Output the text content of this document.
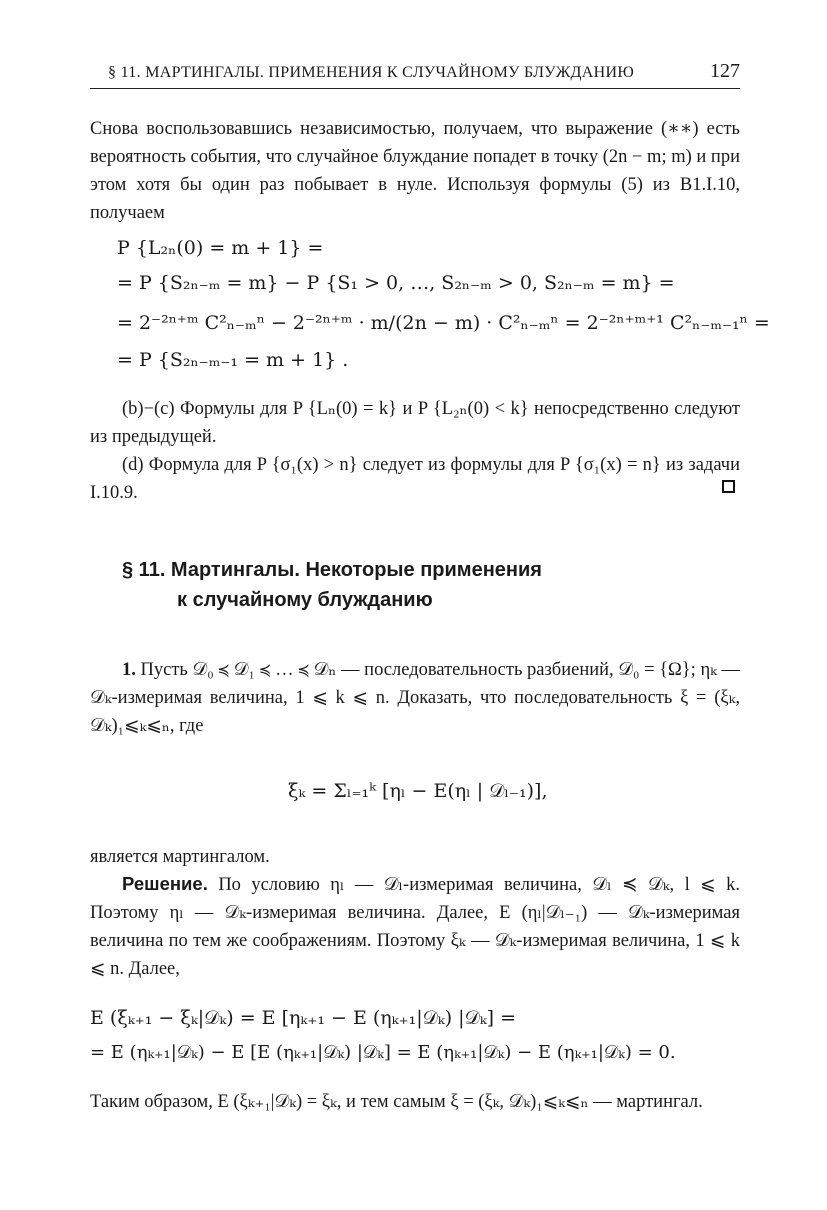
§ 11. МАРТИНГАЛЫ. ПРИМЕНЕНИЯ К СЛУЧАЙНОМУ БЛУЖДАНИЮ	127
Снова воспользовавшись независимостью, получаем, что выражение (∗∗) есть вероятность события, что случайное блуждание попадет в точку (2n − m; m) и при этом хотя бы один раз побывает в нуле. Используя формулы (5) из B1.I.10, получаем
P {L₂ₙ(0) = m + 1} =
= P {S₂ₙ₋ₘ = m} − P {S₁ > 0, …, S₂ₙ₋ₘ > 0, S₂ₙ₋ₘ = m} =
= 2⁻²ⁿ⁺ᵐ C²ₙ₋ₘⁿ − 2⁻²ⁿ⁺ᵐ · m/(2n − m) · C²ₙ₋ₘⁿ = 2⁻²ⁿ⁺ᵐ⁺¹ C²ₙ₋ₘ₋₁ⁿ =
= P {S₂ₙ₋ₘ₋₁ = m + 1} .
(b)−(c) Формулы для P {Lₙ(0) = k} и P {L₂ₙ(0) < k} непосредственно следуют из предыдущей.
(d) Формула для P {σ₁(x) > n} следует из формулы для P {σ₁(x) = n} из задачи I.10.9.
§ 11. Мартингалы. Некоторые применения
к случайному блужданию
1. Пусть 𝒟₀ ≼ 𝒟₁ ≼ … ≼ 𝒟ₙ — последовательность разбиений, 𝒟₀ = {Ω}; ηₖ — 𝒟ₖ-измеримая величина, 1 ⩽ k ⩽ n. Доказать, что последовательность ξ = (ξₖ, 𝒟ₖ)₁⩽ₖ⩽ₙ, где
ξₖ = Σₗ₌₁ᵏ [ηₗ − E(ηₗ | 𝒟ₗ₋₁)],
является мартингалом.
Решение. По условию ηₗ — 𝒟ₗ-измеримая величина, 𝒟ₗ ≼ 𝒟ₖ, l ⩽ k. Поэтому ηₗ — 𝒟ₖ-измеримая величина. Далее, E (ηₗ|𝒟ₗ₋₁) — 𝒟ₖ-измеримая величина по тем же соображениям. Поэтому ξₖ — 𝒟ₖ-измеримая величина, 1 ⩽ k ⩽ n. Далее,
E (ξₖ₊₁ − ξₖ|𝒟ₖ) = E [ηₖ₊₁ − E (ηₖ₊₁|𝒟ₖ) |𝒟ₖ] =
= E (ηₖ₊₁|𝒟ₖ) − E [E (ηₖ₊₁|𝒟ₖ) |𝒟ₖ] = E (ηₖ₊₁|𝒟ₖ) − E (ηₖ₊₁|𝒟ₖ) = 0.
Таким образом, E (ξₖ₊₁|𝒟ₖ) = ξₖ, и тем самым ξ = (ξₖ, 𝒟ₖ)₁⩽ₖ⩽ₙ — мартингал.
